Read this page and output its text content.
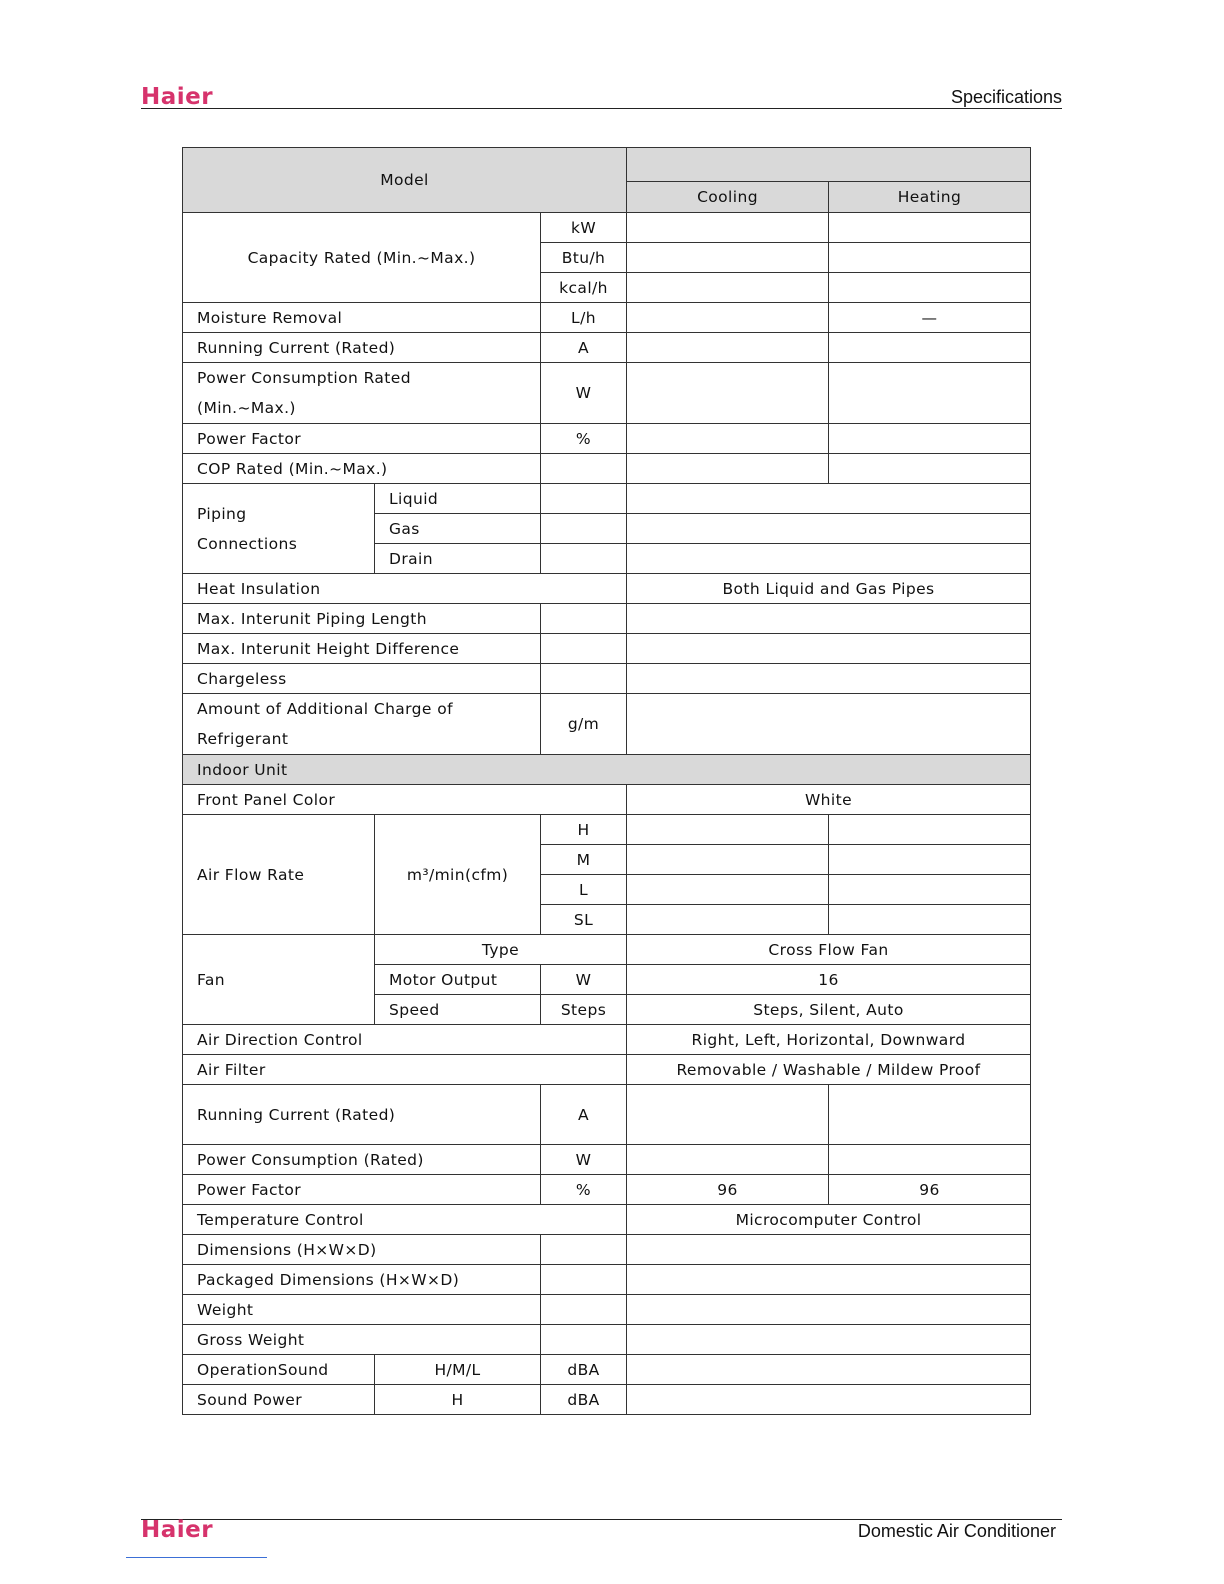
Haier	Specifications
Model				
			Cooling	Heating
Capacity Rated (Min.~Max.)		kW		
		Btu/h		
		kcal/h		
Moisture Removal		L/h		—
Running Current (Rated)		A		

Power Consumption Rated
(Min.~Max.)		W		
Power Factor		%		
COP Rated (Min.~Max.)				

Piping
Connections	Liquid			
	Gas			
	Drain			
Heat Insulation			Both Liquid and Gas Pipes	
Max. Interunit Piping Length				
Max. Interunit Height Difference				
Chargeless				

Amount of Additional Charge of
Refrigerant		g/m		
Indoor Unit				
Front Panel Color			White	
Air Flow Rate	m³/min(cfm)	H		
		M		
		L		
		SL		
Fan	Type		Cross Flow Fan	
	Motor Output	W	16	
	Speed	Steps	Steps, Silent, Auto	
Air Direction Control			Right, Left, Horizontal, Downward	
Air Filter			Removable / Washable / Mildew Proof	
Running Current (Rated)		A		
Power Consumption (Rated)		W		
Power Factor		%	96	96
Temperature Control			Microcomputer Control	
Dimensions (H×W×D)				
Packaged Dimensions (H×W×D)				
Weight				
Gross Weight				
OperationSound	H/M/L	dBA		
Sound Power	H	dBA		
Haier	Domestic Air Conditioner
